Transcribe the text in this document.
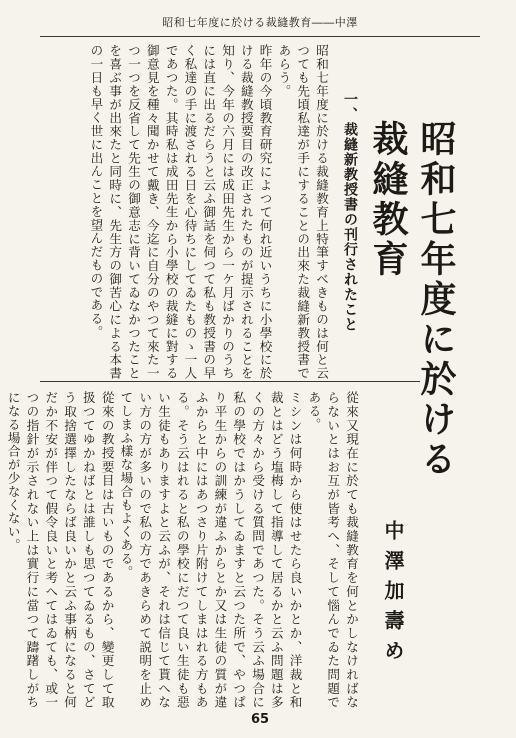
昭和七年度に於ける裁縫教育――中澤

昭和七年度に於ける裁縫教育上特筆すべきものは何と云つても先頃私達が手にすることの出來た裁縫新教授書であらう。

昨年の今頃教育研究によつて何れ近いうちに小學校に於ける裁縫教授要目の改正されたものが提示されることを知り、今年の六月には成田先生から一ケ月ばかりのうちには直に出るだらうと云ふ御話を伺つて私も教授書の早く私達の手に渡される日を心待ちにしてゐたものゝ一人であつた。其時私は成田先生から小學校の裁縫に對する御意見を種々聞かせて戴き、今迄に自分のやつて來た一つ一つを反省して先生の御意志に背いてゐなかつたことを喜ぶ事が出來たと同時に、先生方の御苦心による本書の一日も早く世に出んことを望んだものである。	一、裁縫新教授書の刊行されたこと 昭和七年度に於ける裁縫教育

從來又現在に於ても裁縫教育を何とかしなければならないとはお互が皆考へ、そして惱んでゐた問題である。

ミシンは何時から使はせたら良いかとか、洋裁と和裁とはどう塩梅して指導して居るかと云ふ問題は多くの方々から受ける質問であつた。そう云ふ場合に私の學校ではかうしてゐますと云つた所で、やつぱり平生からの訓練が違ふからとか又は生徒の質が違ふからと中にはあつさり片附けてしまはれる方もある。そう云はれると私の學校にだつて良い生徒も惡い生徒もありますよと云ふが、それは信じて貰へない方の方が多いので私の方であきらめて説明を止めてしまふ樣な場合もよくある。

從來の教授要目は古いものであるから、變更して取扱つてゆかねばとは誰しも思つてゐるもの、さてどう取捨選擇したならば良いかと云ふ事柄になると何だか不安が伴つて假令良いと考へてはゐても、或一つの指針が示されない上は實行に當つて躊躇しがちになる場合が少なくない。

中澤加壽め
65
